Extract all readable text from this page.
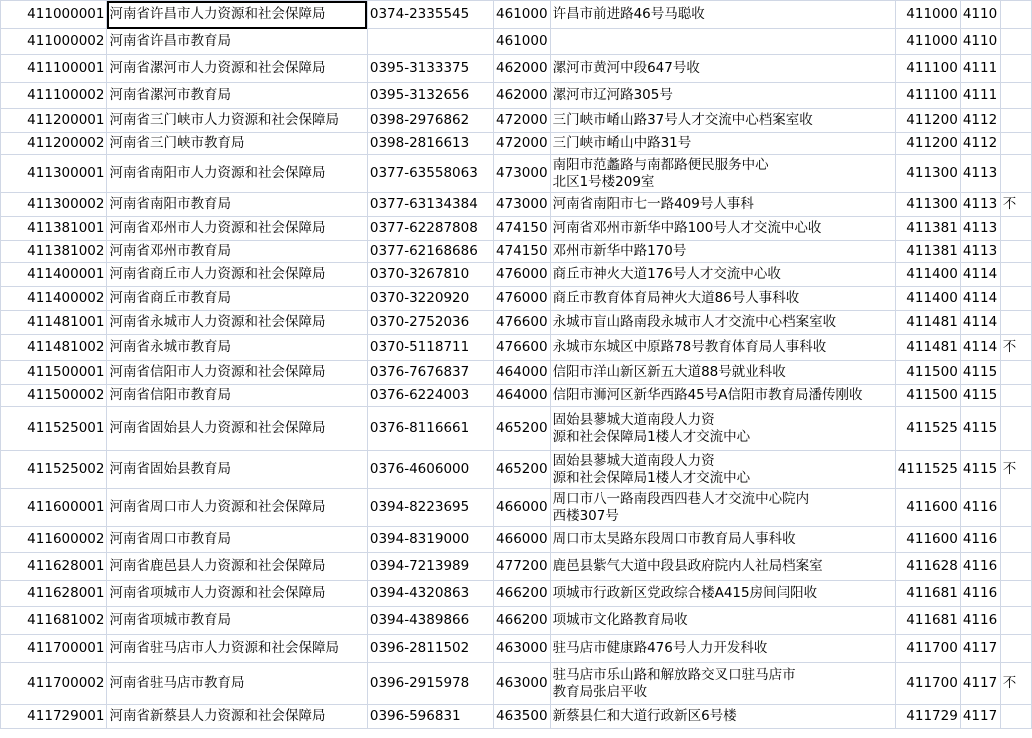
411000001	河南省许昌市人力资源和社会保障局	0374-2335545	461000	许昌市前进路46号马聪收	411000	4110	
411000002	河南省许昌市教育局		461000		411000	4110	
411100001	河南省漯河市人力资源和社会保障局	0395-3133375	462000	漯河市黄河中段647号收	411100	4111	
411100002	河南省漯河市教育局	0395-3132656	462000	漯河市辽河路305号	411100	4111	
411200001	河南省三门峡市人力资源和社会保障局	0398-2976862	472000	三门峡市崤山路37号人才交流中心档案室收	411200	4112	
411200002	河南省三门峡市教育局	0398-2816613	472000	三门峡市崤山中路31号	411200	4112	
411300001	河南省南阳市人力资源和社会保障局	0377-63558063	473000	南阳市范蠡路与南都路便民服务中心
北区1号楼209室	411300	4113	
411300002	河南省南阳市教育局	0377-63134384	473000	河南省南阳市七一路409号人事科	411300	4113	不
411381001	河南省邓州市人力资源和社会保障局	0377-62287808	474150	河南省邓州市新华中路100号人才交流中心收	411381	4113	
411381002	河南省邓州市教育局	0377-62168686	474150	邓州市新华中路170号	411381	4113	
411400001	河南省商丘市人力资源和社会保障局	0370-3267810	476000	商丘市神火大道176号人才交流中心收	411400	4114	
411400002	河南省商丘市教育局	0370-3220920	476000	商丘市教育体育局神火大道86号人事科收	411400	4114	
411481001	河南省永城市人力资源和社会保障局	0370-2752036	476600	永城市盲山路南段永城市人才交流中心档案室收	411481	4114	
411481002	河南省永城市教育局	0370-5118711	476600	永城市东城区中原路78号教育体育局人事科收	411481	4114	不
411500001	河南省信阳市人力资源和社会保障局	0376-7676837	464000	信阳市洋山新区新五大道88号就业科收	411500	4115	
411500002	河南省信阳市教育局	0376-6224003	464000	信阳市浉河区新华西路45号A信阳市教育局潘传刚收	411500	4115	
411525001	河南省固始县人力资源和社会保障局	0376-8116661	465200	固始县蓼城大道南段人力资
源和社会保障局1楼人才交流中心	411525	4115	
411525002	河南省固始县教育局	0376-4606000	465200	固始县蓼城大道南段人力资
源和社会保障局1楼人才交流中心	4111525	4115	不
411600001	河南省周口市人力资源和社会保障局	0394-8223695	466000	周口市八一路南段西四巷人才交流中心院内
西楼307号	411600	4116	
411600002	河南省周口市教育局	0394-8319000	466000	周口市太昊路东段周口市教育局人事科收	411600	4116	
411628001	河南省鹿邑县人力资源和社会保障局	0394-7213989	477200	鹿邑县紫气大道中段县政府院内人社局档案室	411628	4116	
411628001	河南省项城市人力资源和社会保障局	0394-4320863	466200	项城市行政新区党政综合楼A415房间闫阳收	411681	4116	
411681002	河南省项城市教育局	0394-4389866	466200	项城市文化路教育局收	411681	4116	
411700001	河南省驻马店市人力资源和社会保障局	0396-2811502	463000	驻马店市健康路476号人力开发科收	411700	4117	
411700002	河南省驻马店市教育局	0396-2915978	463000	驻马店市乐山路和解放路交叉口驻马店市
教育局张启平收	411700	4117	不
411729001	河南省新蔡县人力资源和社会保障局	0396-596831	463500	新蔡县仁和大道行政新区6号楼	411729	4117	
